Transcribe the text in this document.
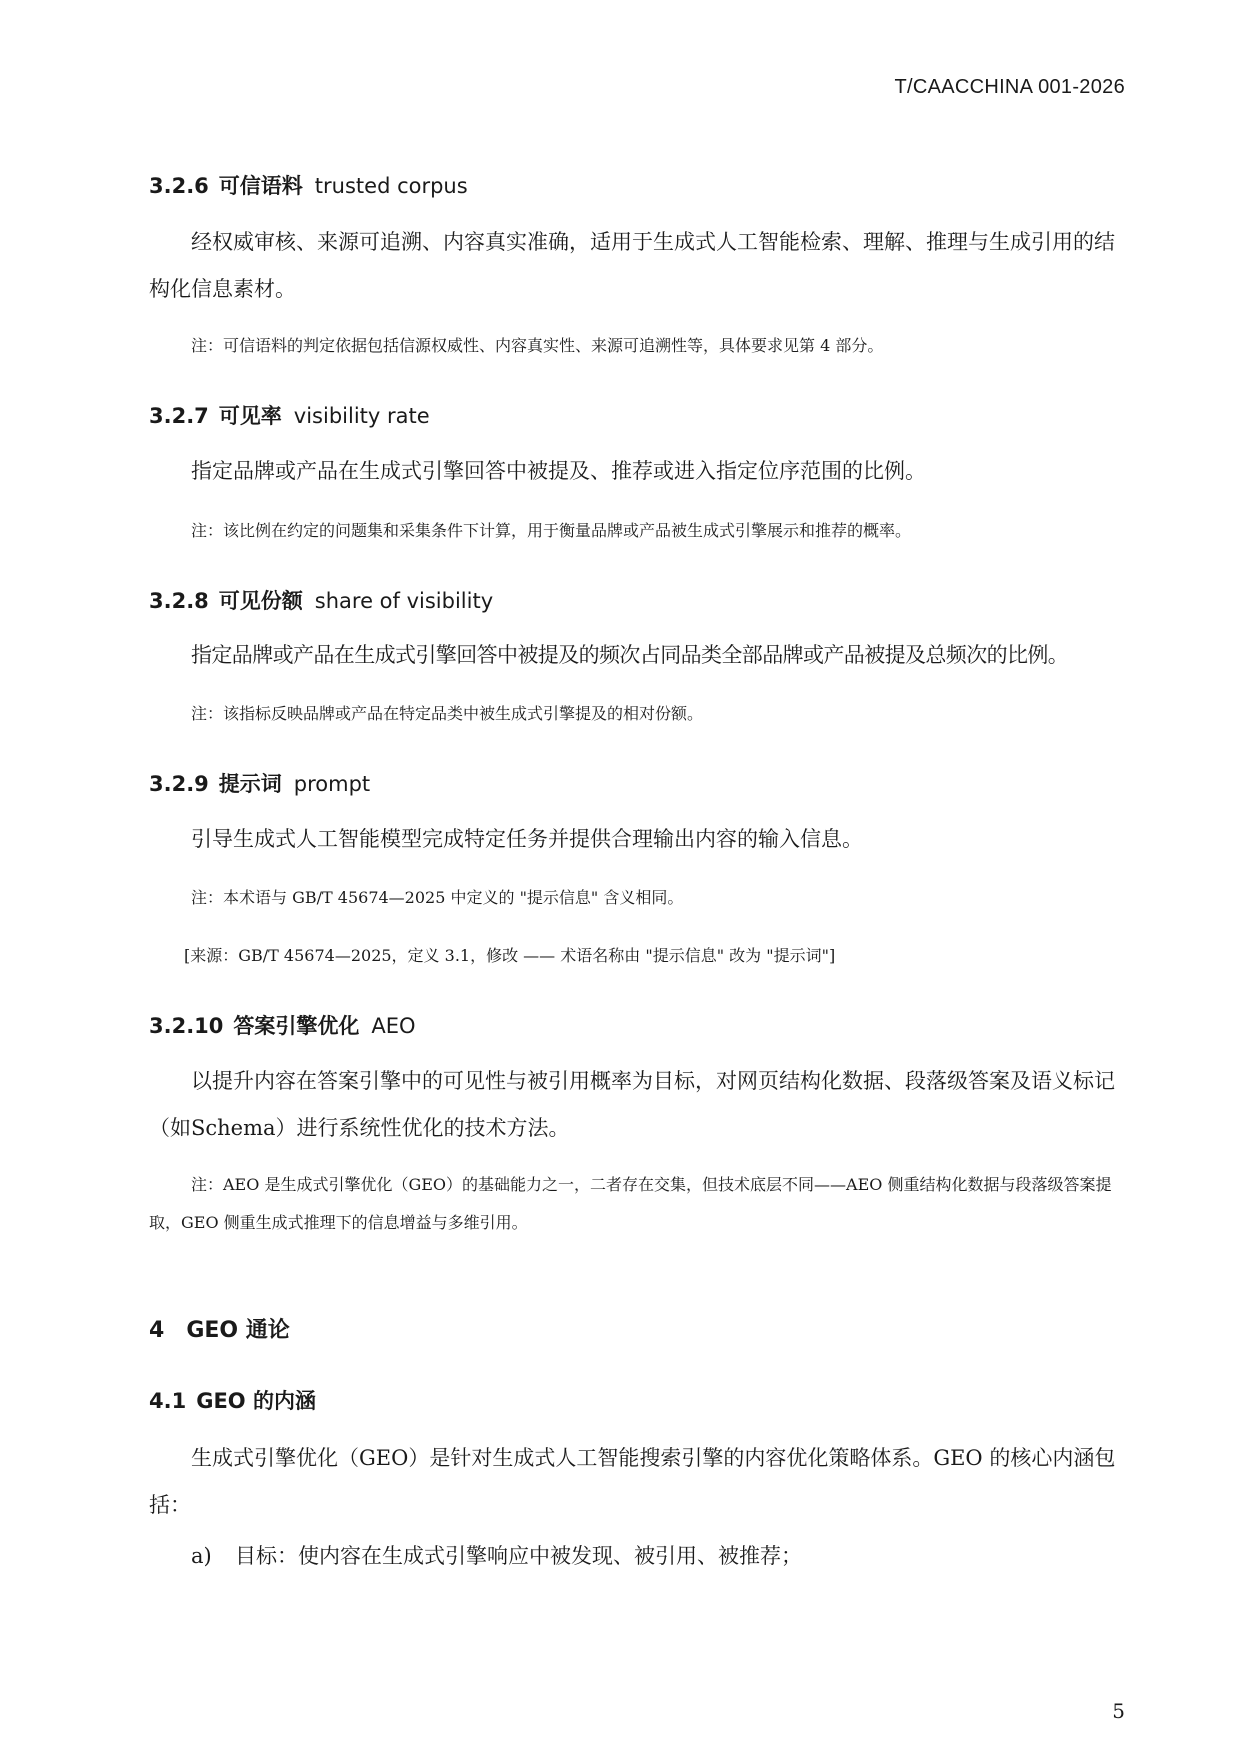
T/CAACCHINA 001-2026
3.2.6 可信语料 trusted corpus
经权威审核、来源可追溯、内容真实准确，适用于生成式人工智能检索、理解、推理与生成引用的结构化信息素材。
注：可信语料的判定依据包括信源权威性、内容真实性、来源可追溯性等，具体要求见第 4 部分。
3.2.7 可见率 visibility rate
指定品牌或产品在生成式引擎回答中被提及、推荐或进入指定位序范围的比例。
注：该比例在约定的问题集和采集条件下计算，用于衡量品牌或产品被生成式引擎展示和推荐的概率。
3.2.8 可见份额 share of visibility
指定品牌或产品在生成式引擎回答中被提及的频次占同品类全部品牌或产品被提及总频次的比例。
注：该指标反映品牌或产品在特定品类中被生成式引擎提及的相对份额。
3.2.9 提示词 prompt
引导生成式人工智能模型完成特定任务并提供合理输出内容的输入信息。
注：本术语与 GB/T 45674—2025 中定义的 "提示信息" 含义相同。
[来源：GB/T 45674—2025，定义 3.1，修改 —— 术语名称由 "提示信息" 改为 "提示词"]
3.2.10 答案引擎优化 AEO
以提升内容在答案引擎中的可见性与被引用概率为目标，对网页结构化数据、段落级答案及语义标记（如Schema）进行系统性优化的技术方法。
注：AEO 是生成式引擎优化（GEO）的基础能力之一，二者存在交集，但技术底层不同——AEO 侧重结构化数据与段落级答案提取，GEO 侧重生成式推理下的信息增益与多维引用。
4 GEO 通论
4.1 GEO 的内涵
生成式引擎优化（GEO）是针对生成式人工智能搜索引擎的内容优化策略体系。GEO 的核心内涵包括：
a) 目标：使内容在生成式引擎响应中被发现、被引用、被推荐；
5
